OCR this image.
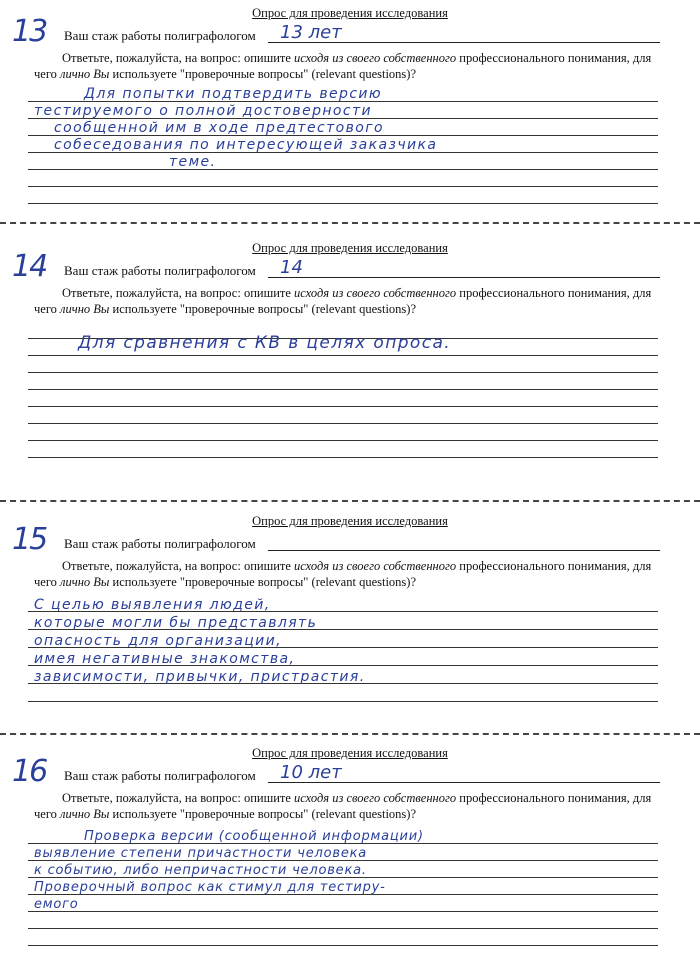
Опрос для проведения исследования
13 Ваш стаж работы полиграфологом 13 лет
Ответьте, пожалуйста, на вопрос: опишите исходя из своего собственного профессионального понимания, для чего лично Вы используете "проверочные вопросы" (relevant questions)?
Для попытки подтвердить версию
тестируемого о полной достоверности
сообщенной им в ходе предтестового
собеседования по интересующей заказчика
теме.
Опрос для проведения исследования
14 Ваш стаж работы полиграфологом 14
Ответьте, пожалуйста, на вопрос: опишите исходя из своего собственного профессионального понимания, для чего лично Вы используете "проверочные вопросы" (relevant questions)?
Для сравнения с КВ в целях опроса.
Опрос для проведения исследования
15 Ваш стаж работы полиграфологом
Ответьте, пожалуйста, на вопрос: опишите исходя из своего собственного профессионального понимания, для чего лично Вы используете "проверочные вопросы" (relevant questions)?
С целью выявления людей,
которые могли бы представлять
опасность для организации,
имея негативные знакомства,
зависимости, привычки, пристрастия.
Опрос для проведения исследования
16 Ваш стаж работы полиграфологом 10 лет
Ответьте, пожалуйста, на вопрос: опишите исходя из своего собственного профессионального понимания, для чего лично Вы используете "проверочные вопросы" (relevant questions)?
Проверка версии (сообщенной информации)
выявление степени причастности человека
к событию, либо непричастности человека.
Проверочный вопрос как стимул для тестиру-
емого
